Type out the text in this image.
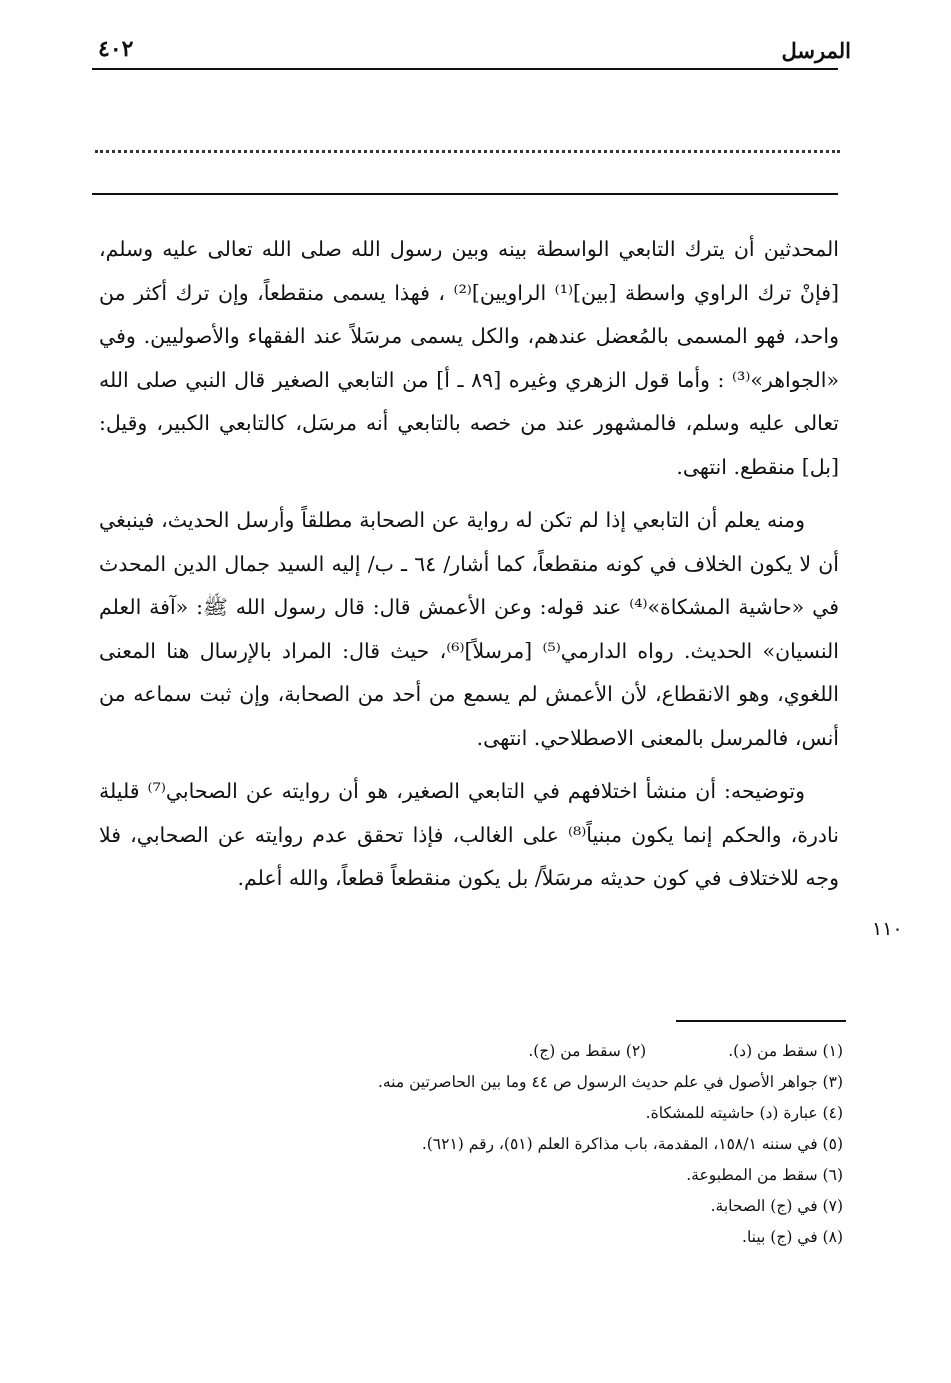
المرسل
٤٠٢

المحدثين أن يترك التابعي الواسطة بينه وبين رسول الله صلى الله تعالى عليه وسلم، [فإنْ ترك الراوي واسطة [بين]⁽¹⁾ الراويين]⁽²⁾ ، فهذا يسمى منقطعاً، وإن ترك أكثر من واحد، فهو المسمى بالمُعضل عندهم، والكل يسمى مرسَلاً عند الفقهاء والأصوليين. وفي «الجواهر»⁽³⁾ : وأما قول الزهري وغيره [٨٩ ـ أ] من التابعي الصغير قال النبي صلى الله تعالى عليه وسلم، فالمشهور عند من خصه بالتابعي أنه مرسَل، كالتابعي الكبير، وقيل: [بل] منقطع. انتهى.

ومنه يعلم أن التابعي إذا لم تكن له رواية عن الصحابة مطلقاً وأرسل الحديث، فينبغي أن لا يكون الخلاف في كونه منقطعاً، كما أشار/ ٦٤ ـ ب/ إليه السيد جمال الدين المحدث في «حاشية المشكاة»⁽⁴⁾ عند قوله: وعن الأعمش قال: قال رسول الله ﷺ: «آفة العلم النسيان» الحديث. رواه الدارمي⁽⁵⁾ [مرسلاً]⁽⁶⁾، حيث قال: المراد بالإرسال هنا المعنى اللغوي، وهو الانقطاع، لأن الأعمش لم يسمع من أحد من الصحابة، وإن ثبت سماعه من أنس، فالمرسل بالمعنى الاصطلاحي. انتهى.

وتوضيحه: أن منشأ اختلافهم في التابعي الصغير، هو أن روايته عن الصحابي⁽⁷⁾ قليلة نادرة، والحكم إنما يكون مبنياً⁽⁸⁾ على الغالب، فإذا تحقق عدم روايته عن الصحابي، فلا وجه للاختلاف في كون حديثه مرسَلاً/ بل يكون منقطعاً قطعاً، والله أعلم.

١١٠
(١) سقط من (د).
(٢) سقط من (ج).
(٣) جواهر الأصول في علم حديث الرسول ص ٤٤ وما بين الحاصرتين منه.
(٤) عبارة (د) حاشيته للمشكاة.
(٥) في سننه ١٥٨/١، المقدمة، باب مذاكرة العلم (٥١)، رقم (٦٢١).
(٦) سقط من المطبوعة.
(٧) في (ج) الصحابة.
(٨) في (ج) بينا.
